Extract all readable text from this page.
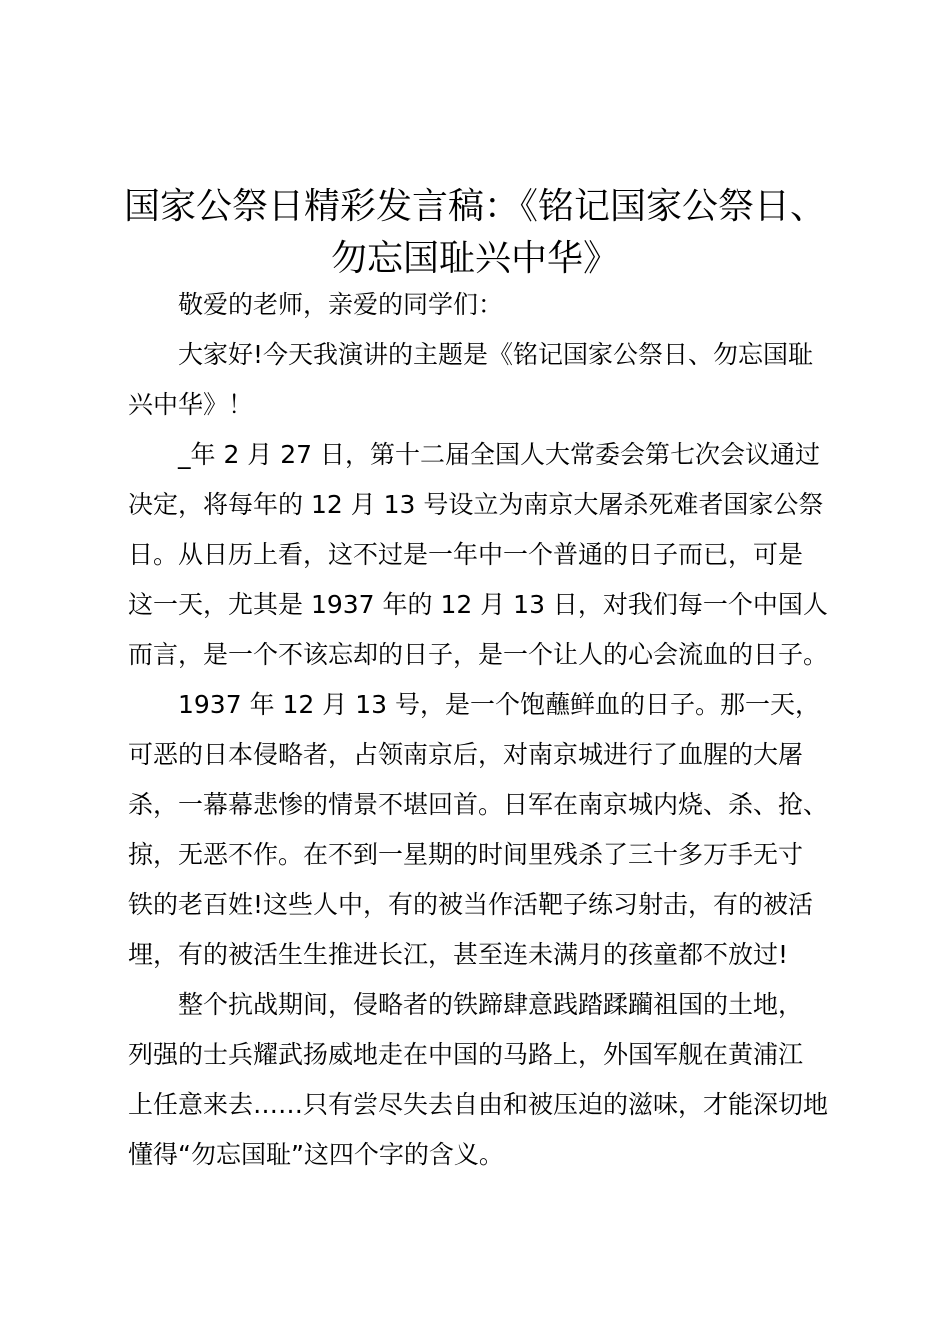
国家公祭日精彩发言稿：《铭记国家公祭日、
勿忘国耻兴中华》

敬爱的老师，亲爱的同学们：

大家好!今天我演讲的主题是《铭记国家公祭日、勿忘国耻
兴中华》！

_年 2 月 27 日，第十二届全国人大常委会第七次会议通过
决定，将每年的 12 月 13 号设立为南京大屠杀死难者国家公祭
日。从日历上看，这不过是一年中一个普通的日子而已，可是
这一天，尤其是 1937 年的 12 月 13 日，对我们每一个中国人
而言，是一个不该忘却的日子，是一个让人的心会流血的日子。

1937 年 12 月 13 号，是一个饱蘸鲜血的日子。那一天，
可恶的日本侵略者，占领南京后，对南京城进行了血腥的大屠
杀，一幕幕悲惨的情景不堪回首。日军在南京城内烧、杀、抢、
掠，无恶不作。在不到一星期的时间里残杀了三十多万手无寸
铁的老百姓!这些人中，有的被当作活靶子练习射击，有的被活
埋，有的被活生生推进长江，甚至连未满月的孩童都不放过!

整个抗战期间，侵略者的铁蹄肆意践踏蹂躏祖国的土地，
列强的士兵耀武扬威地走在中国的马路上，外国军舰在黄浦江
上任意来去……只有尝尽失去自由和被压迫的滋味，才能深切地
懂得“勿忘国耻”这四个字的含义。
